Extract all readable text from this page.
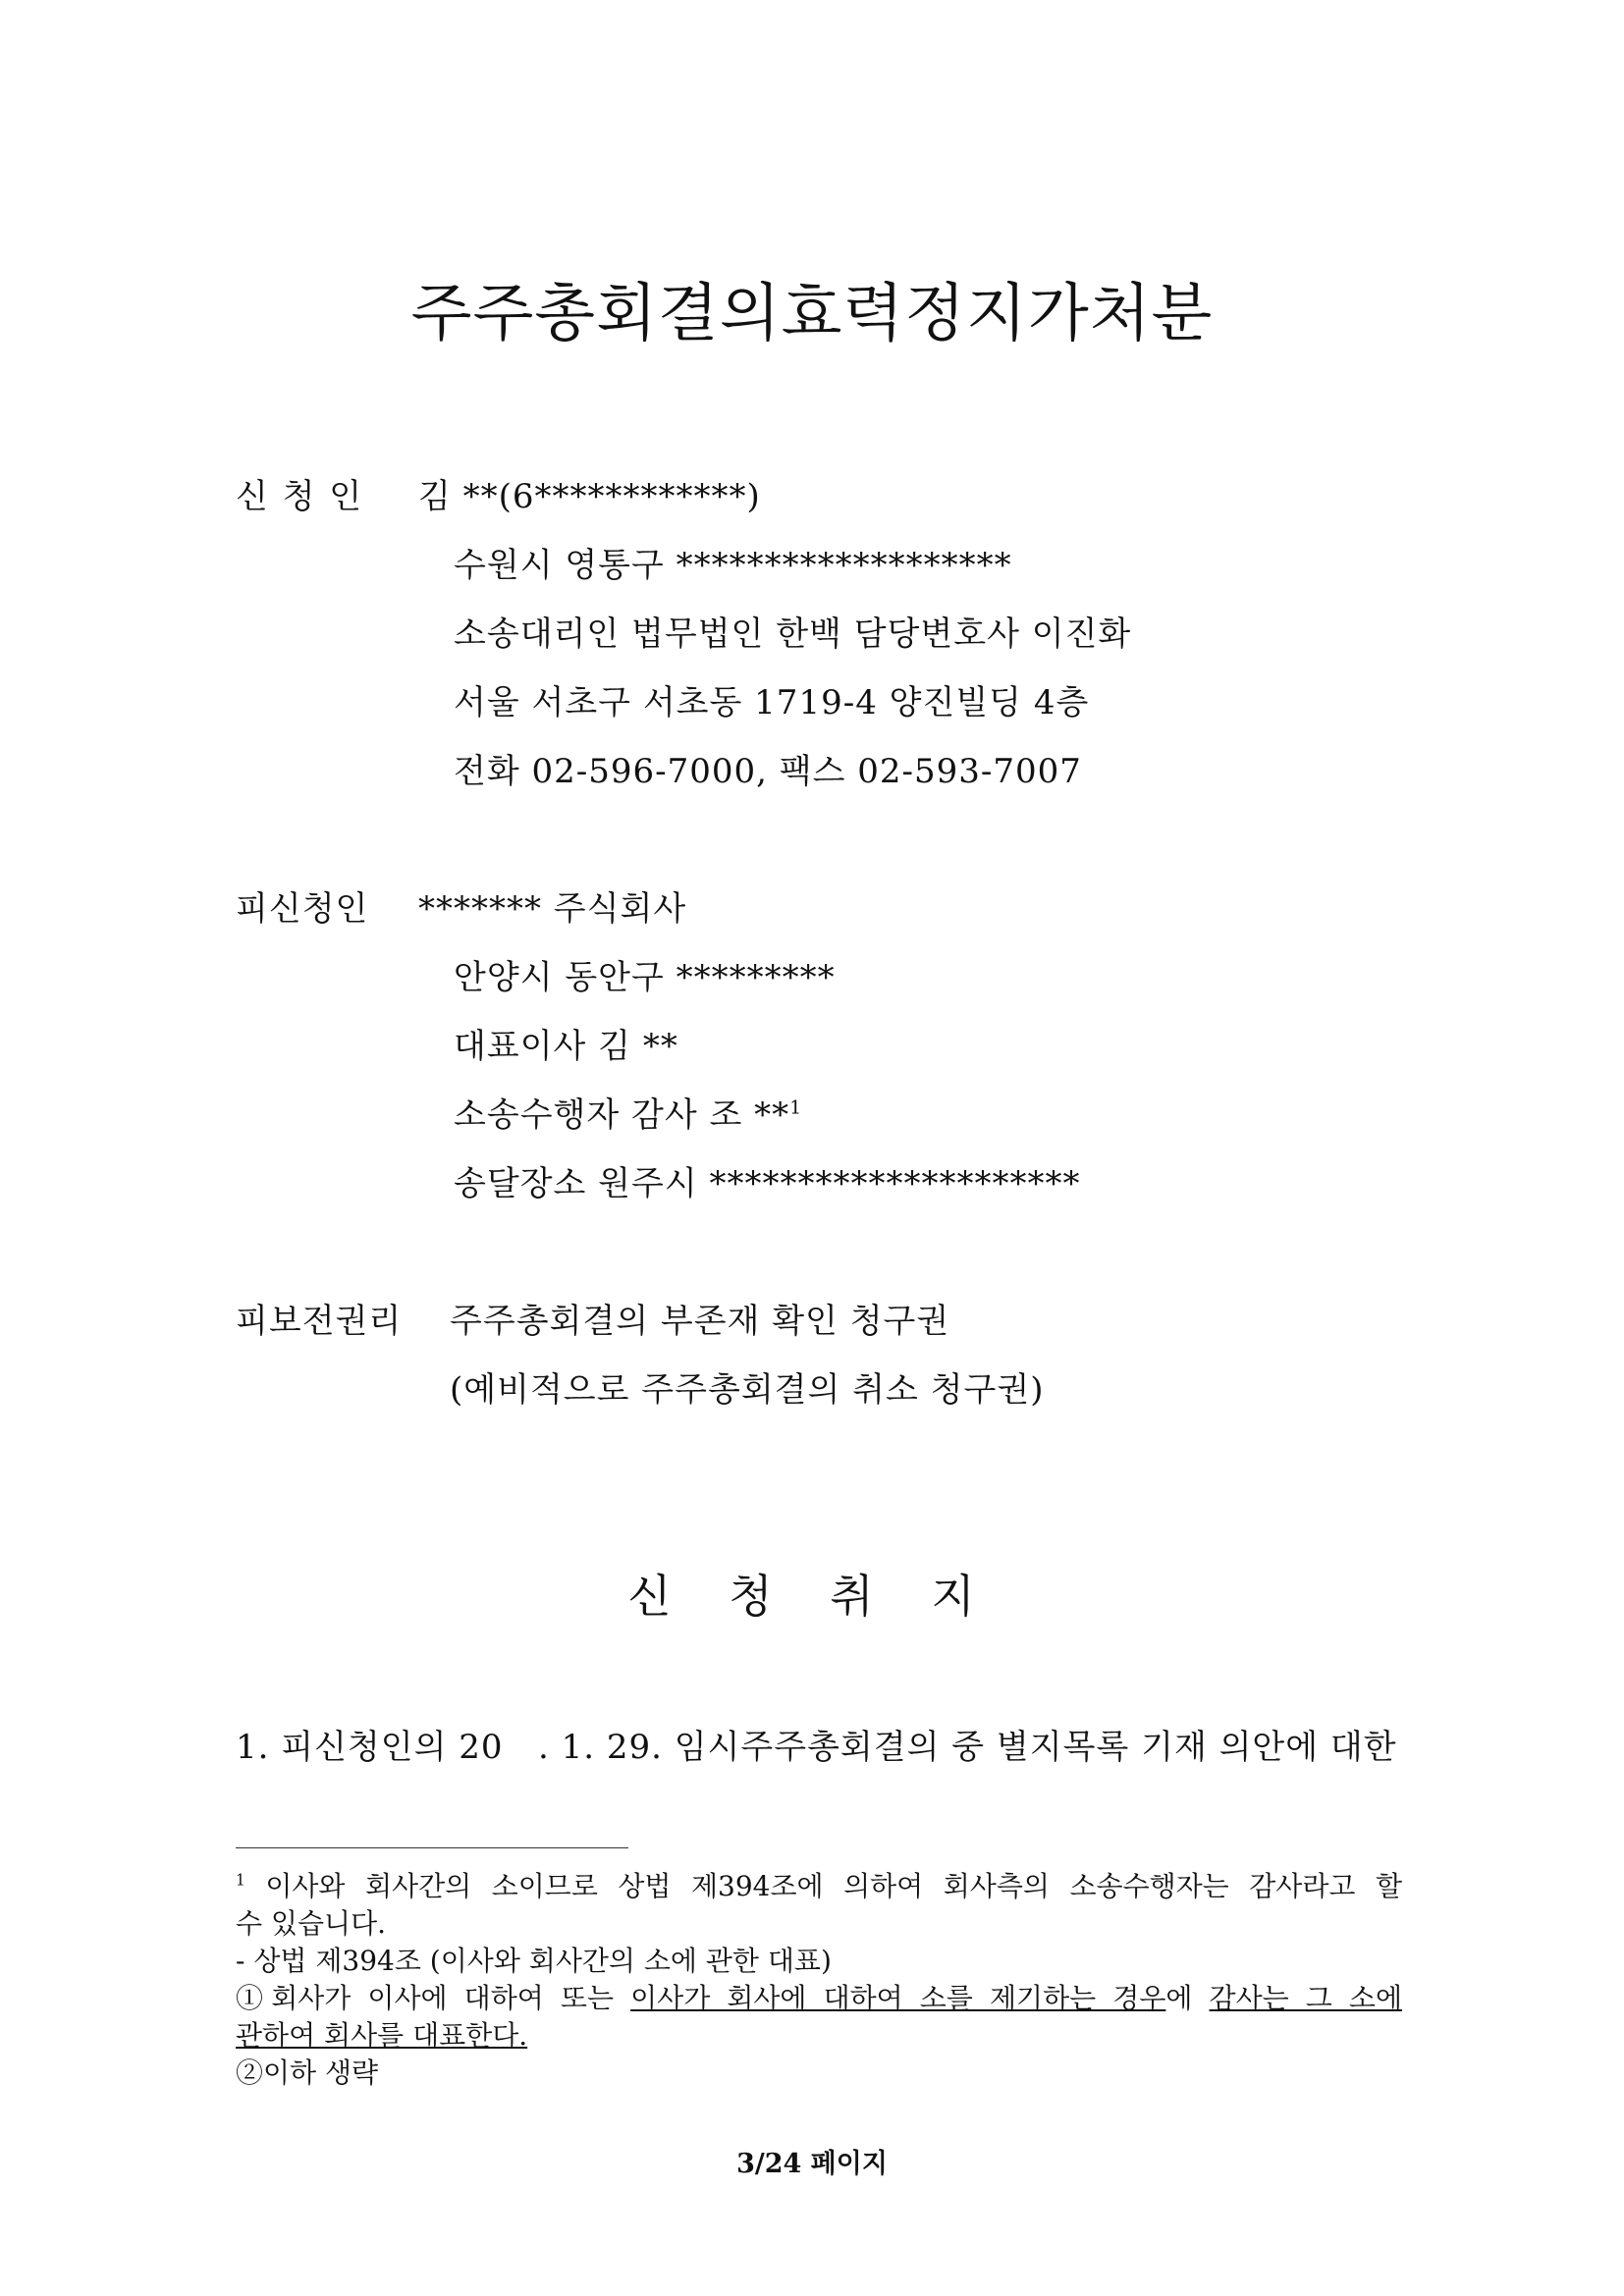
주주총회결의효력정지가처분
신 청 인 김 **(6************)
수원시 영통구 *******************
소송대리인 법무법인 한백 담당변호사 이진화
서울 서초구 서초동 1719-4 양진빌딩 4층
전화 02-596-7000, 팩스 02-593-7007
피신청인 ******* 주식회사
안양시 동안구 *********
대표이사 김 **
소송수행자 감사 조 **$^1$
송달장소 원주시 *********************
피보전권리 주주총회결의 부존재 확인 청구권
(예비적으로 주주총회결의 취소 청구권)
신 청 취 지
1. 피신청인의 20   . 1. 29. 임시주주총회결의 중 별지목록 기재 의안에 대한
$^1$ 이사와 회사간의 소이므로 상법 제394조에 의하여 회사측의 소송수행자는 감사라고 할
수 있습니다.
- 상법 제394조 (이사와 회사간의 소에 관한 대표)
①회사가 이사에 대하여 또는 이사가 회사에 대하여 소를 제기하는 경우에 감사는 그 소에
관하여 회사를 대표한다.
②이하 생략
3/24 페이지
